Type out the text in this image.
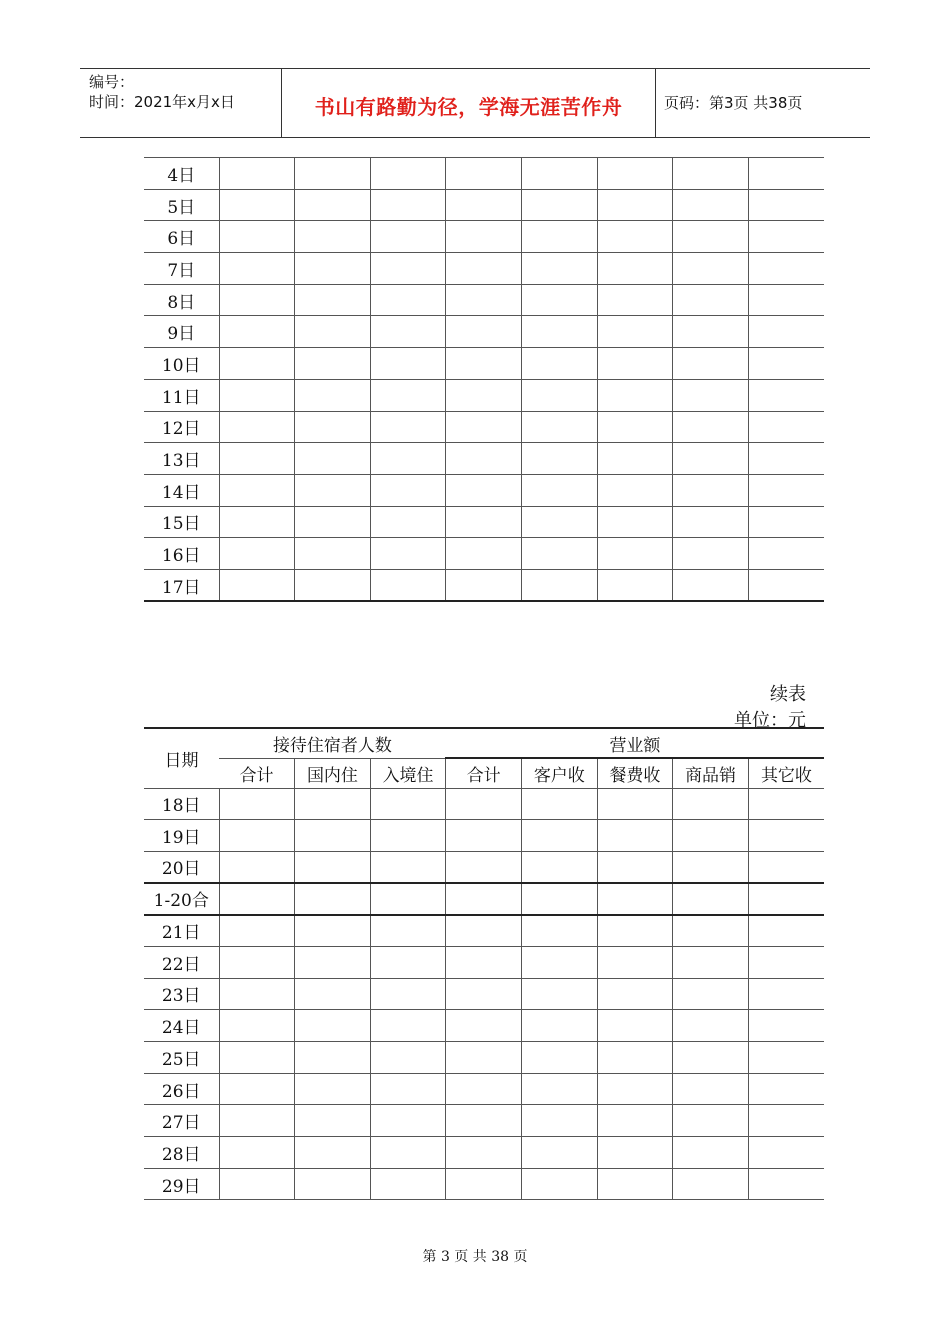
编号：
时间：2021年x月x日	书山有路勤为径，学海无涯苦作舟	页码：第3页 共38页
4日								
5日								
6日								
7日								
8日								
9日								
10日								
11日								
12日								
13日								
14日								
15日								
16日								
17日								
续表
单位：元
日期	接待住宿者人数			营业额				
	合计	国内住	入境住	合计	客户收	餐费收	商品销	其它收
18日								
19日								
20日								
1-20合								
21日								
22日								
23日								
24日								
25日								
26日								
27日								
28日								
29日								
第 3 页 共 38 页
